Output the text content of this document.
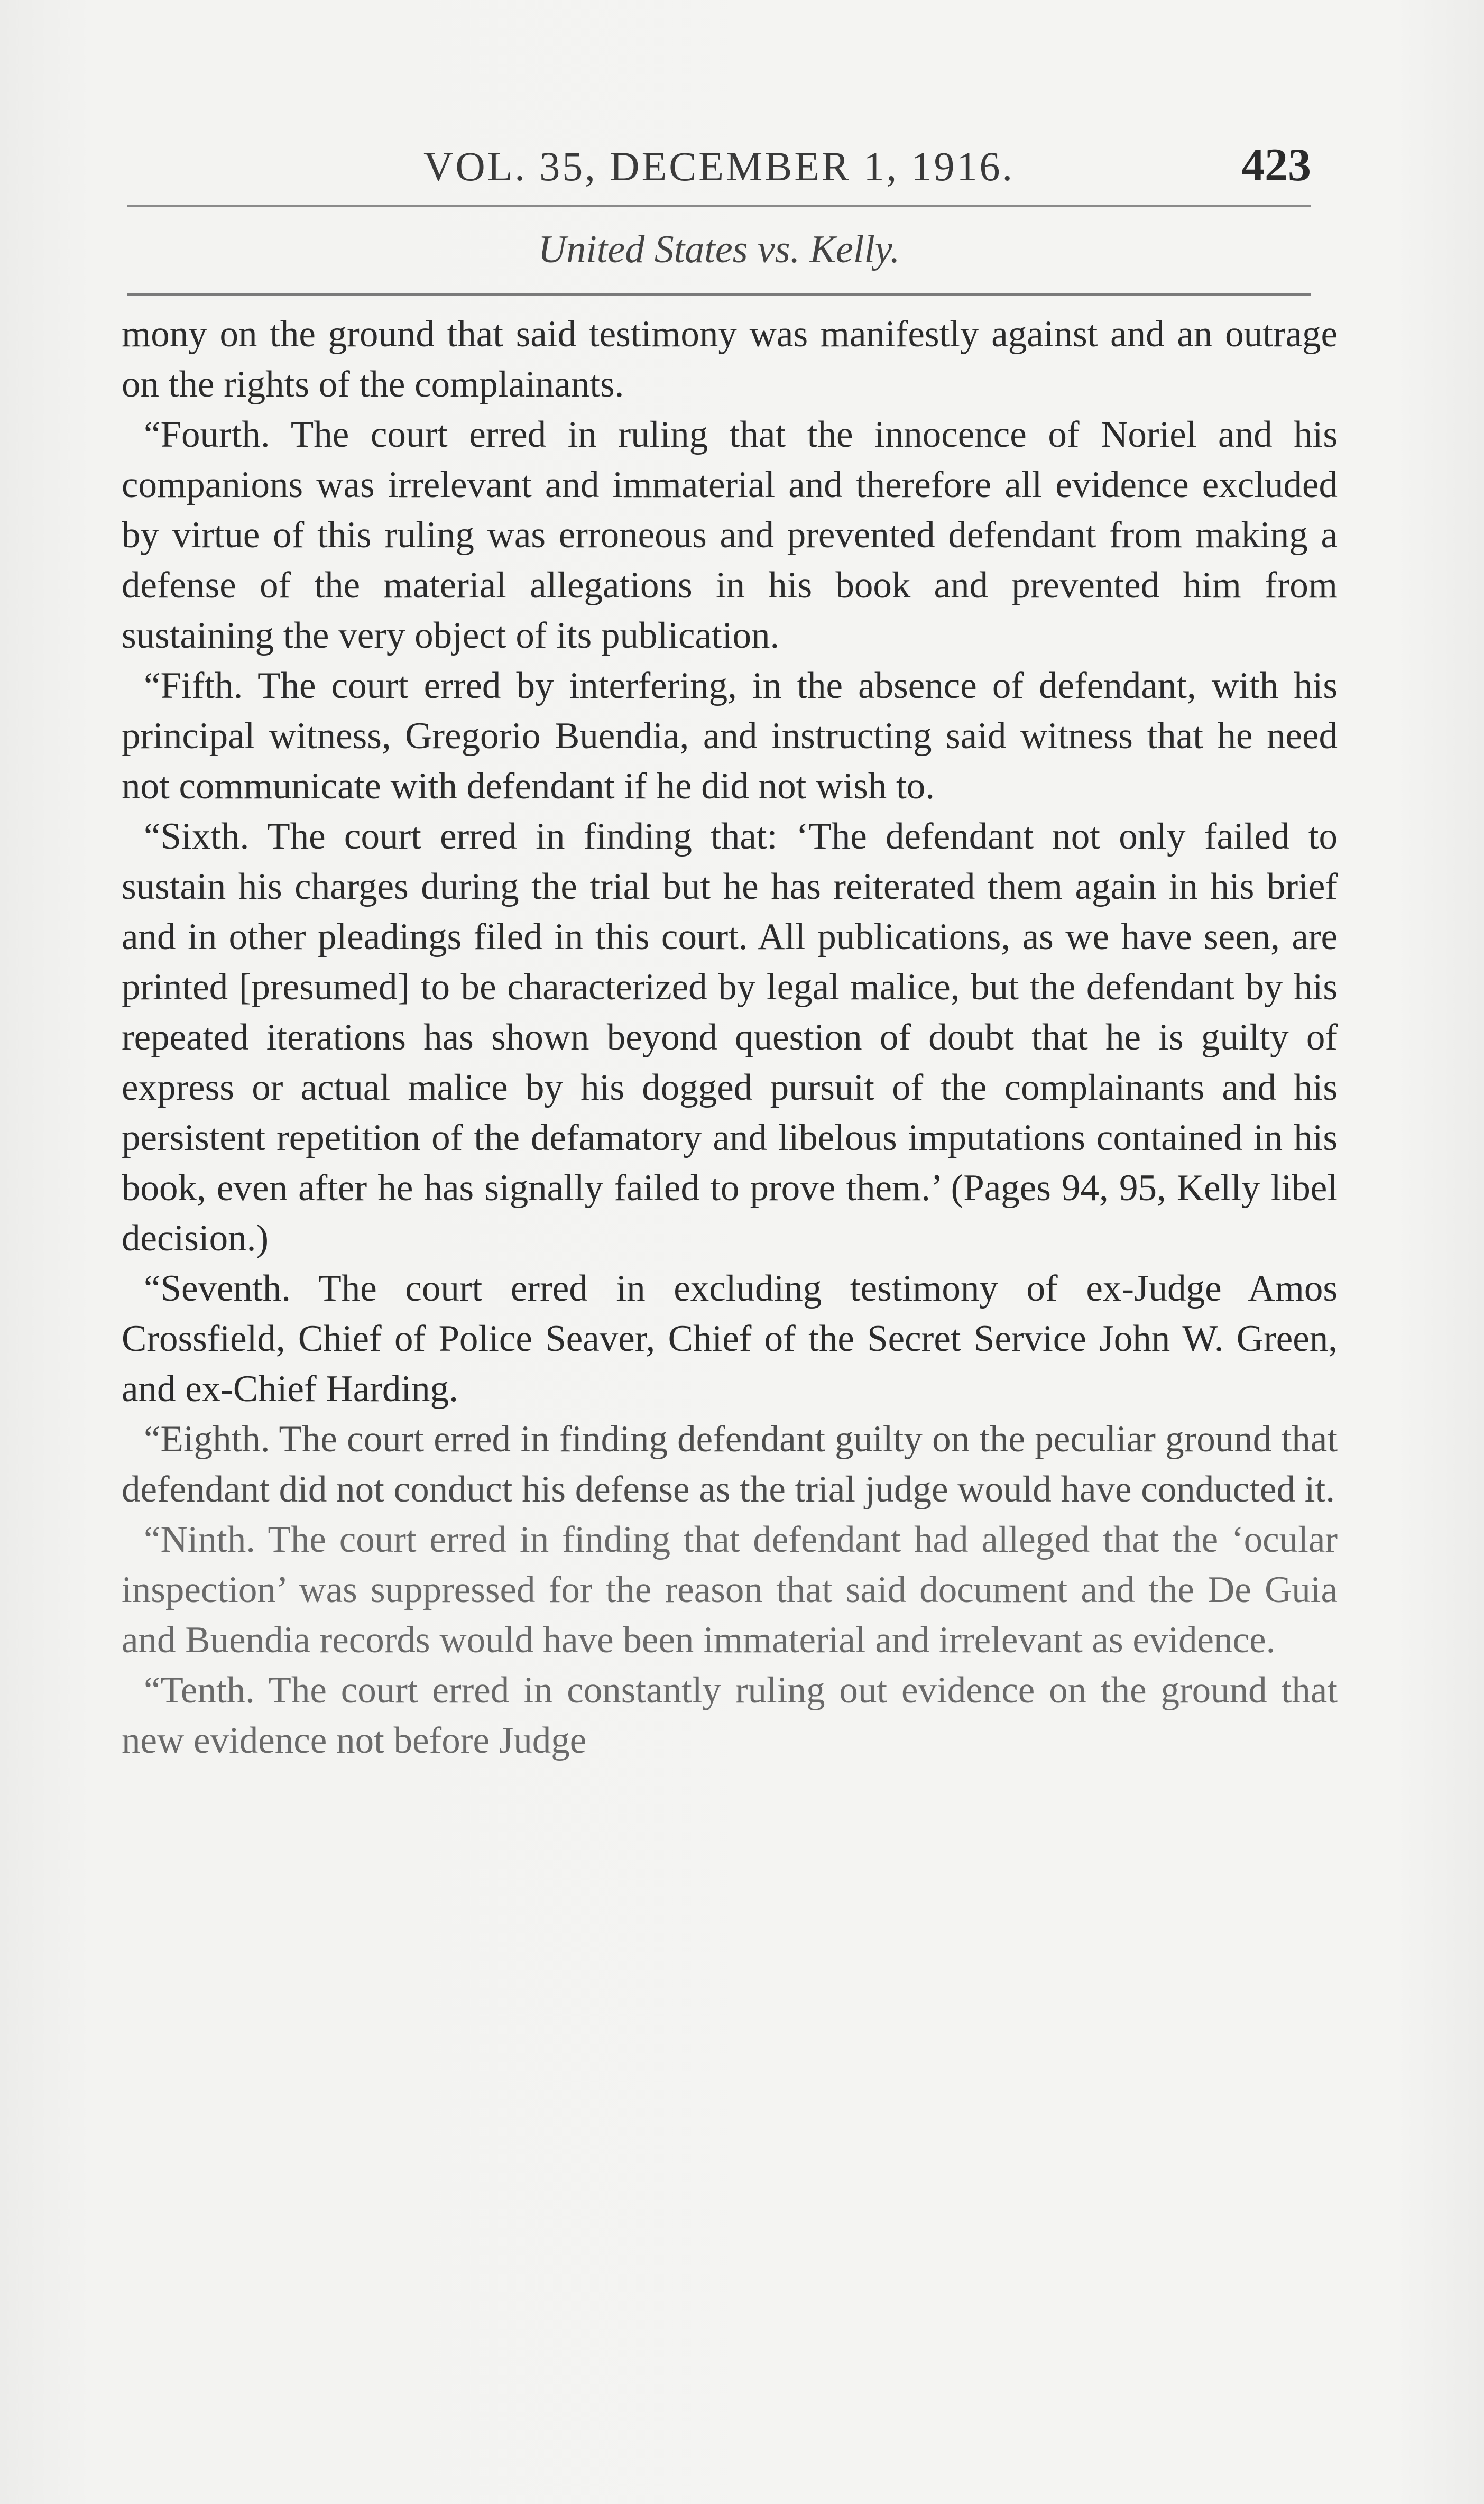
VOL. 35, DECEMBER 1, 1916.	423
United States vs. Kelly.

mony on the ground that said testimony was manifestly against and an outrage on the rights of the complainants.

“Fourth. The court erred in ruling that the innocence of Noriel and his companions was irrelevant and immaterial and therefore all evidence excluded by virtue of this ruling was erroneous and prevented defendant from making a defense of the material allegations in his book and prevented him from sustaining the very object of its publication.

“Fifth. The court erred by interfering, in the absence of defendant, with his principal witness, Gregorio Buendia, and instructing said witness that he need not communicate with defendant if he did not wish to.

“Sixth. The court erred in finding that: ‘The defendant not only failed to sustain his charges during the trial but he has reiterated them again in his brief and in other pleadings filed in this court. All publications, as we have seen, are printed [presumed] to be characterized by legal malice, but the defendant by his repeated iterations has shown beyond question of doubt that he is guilty of express or actual malice by his dogged pursuit of the complainants and his persistent repetition of the defamatory and libelous imputations contained in his book, even after he has signally failed to prove them.’ (Pages 94, 95, Kelly libel decision.)

“Seventh. The court erred in excluding testimony of ex-Judge Amos Crossfield, Chief of Police Seaver, Chief of the Secret Service John W. Green, and ex-Chief Harding.

“Eighth. The court erred in finding defendant guilty on the peculiar ground that defendant did not conduct his defense as the trial judge would have conducted it.

“Ninth. The court erred in finding that defendant had alleged that the ‘ocular inspection’ was suppressed for the reason that said document and the De Guia and Buendia records would have been immaterial and irrelevant as evidence.

“Tenth. The court erred in constantly ruling out evidence on the ground that new evidence not before Judge
